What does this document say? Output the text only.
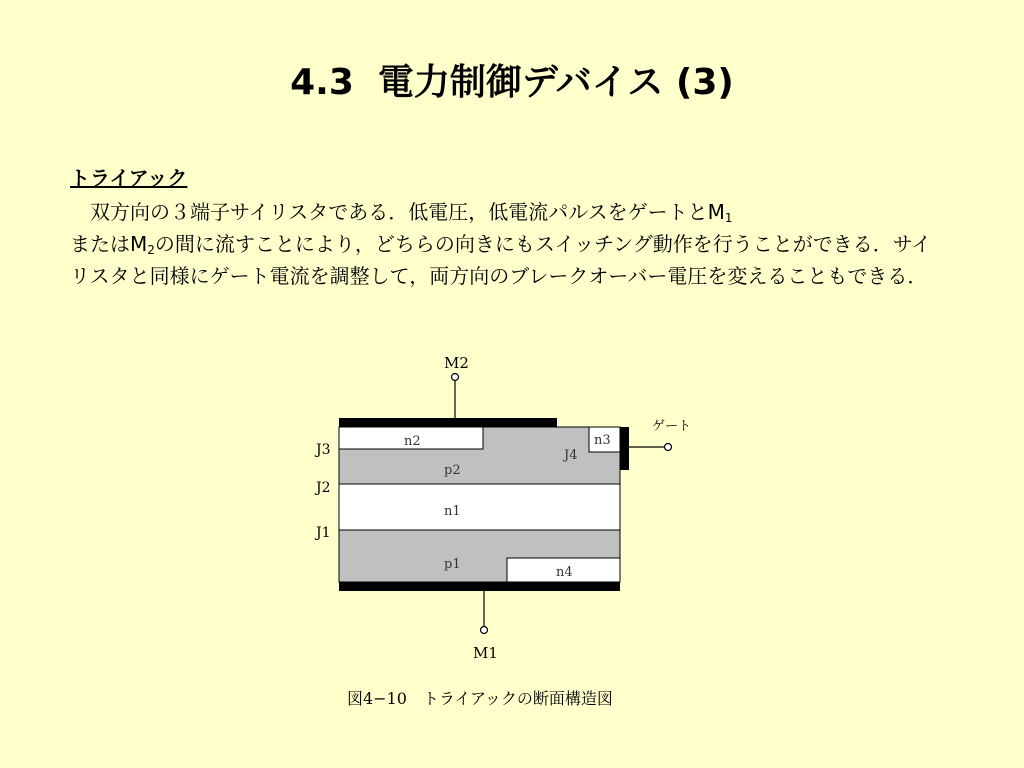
4.3 電力制御デバイス (3)
トライアック
　双方向の３端子サイリスタである．低電圧，低電流パルスをゲートと$M_1$
または$M_2$の間に流すことにより，どちらの向きにもスイッチング動作を行うことができる．サイリスタと同様にゲート電流を調整して，両方向のブレークオーバー電圧を変えることもできる．
M2
ゲート
M1
n2	n3
p2
n1
p1
n4
J3
J2
J1
J4
図4−10　トライアックの断面構造図
